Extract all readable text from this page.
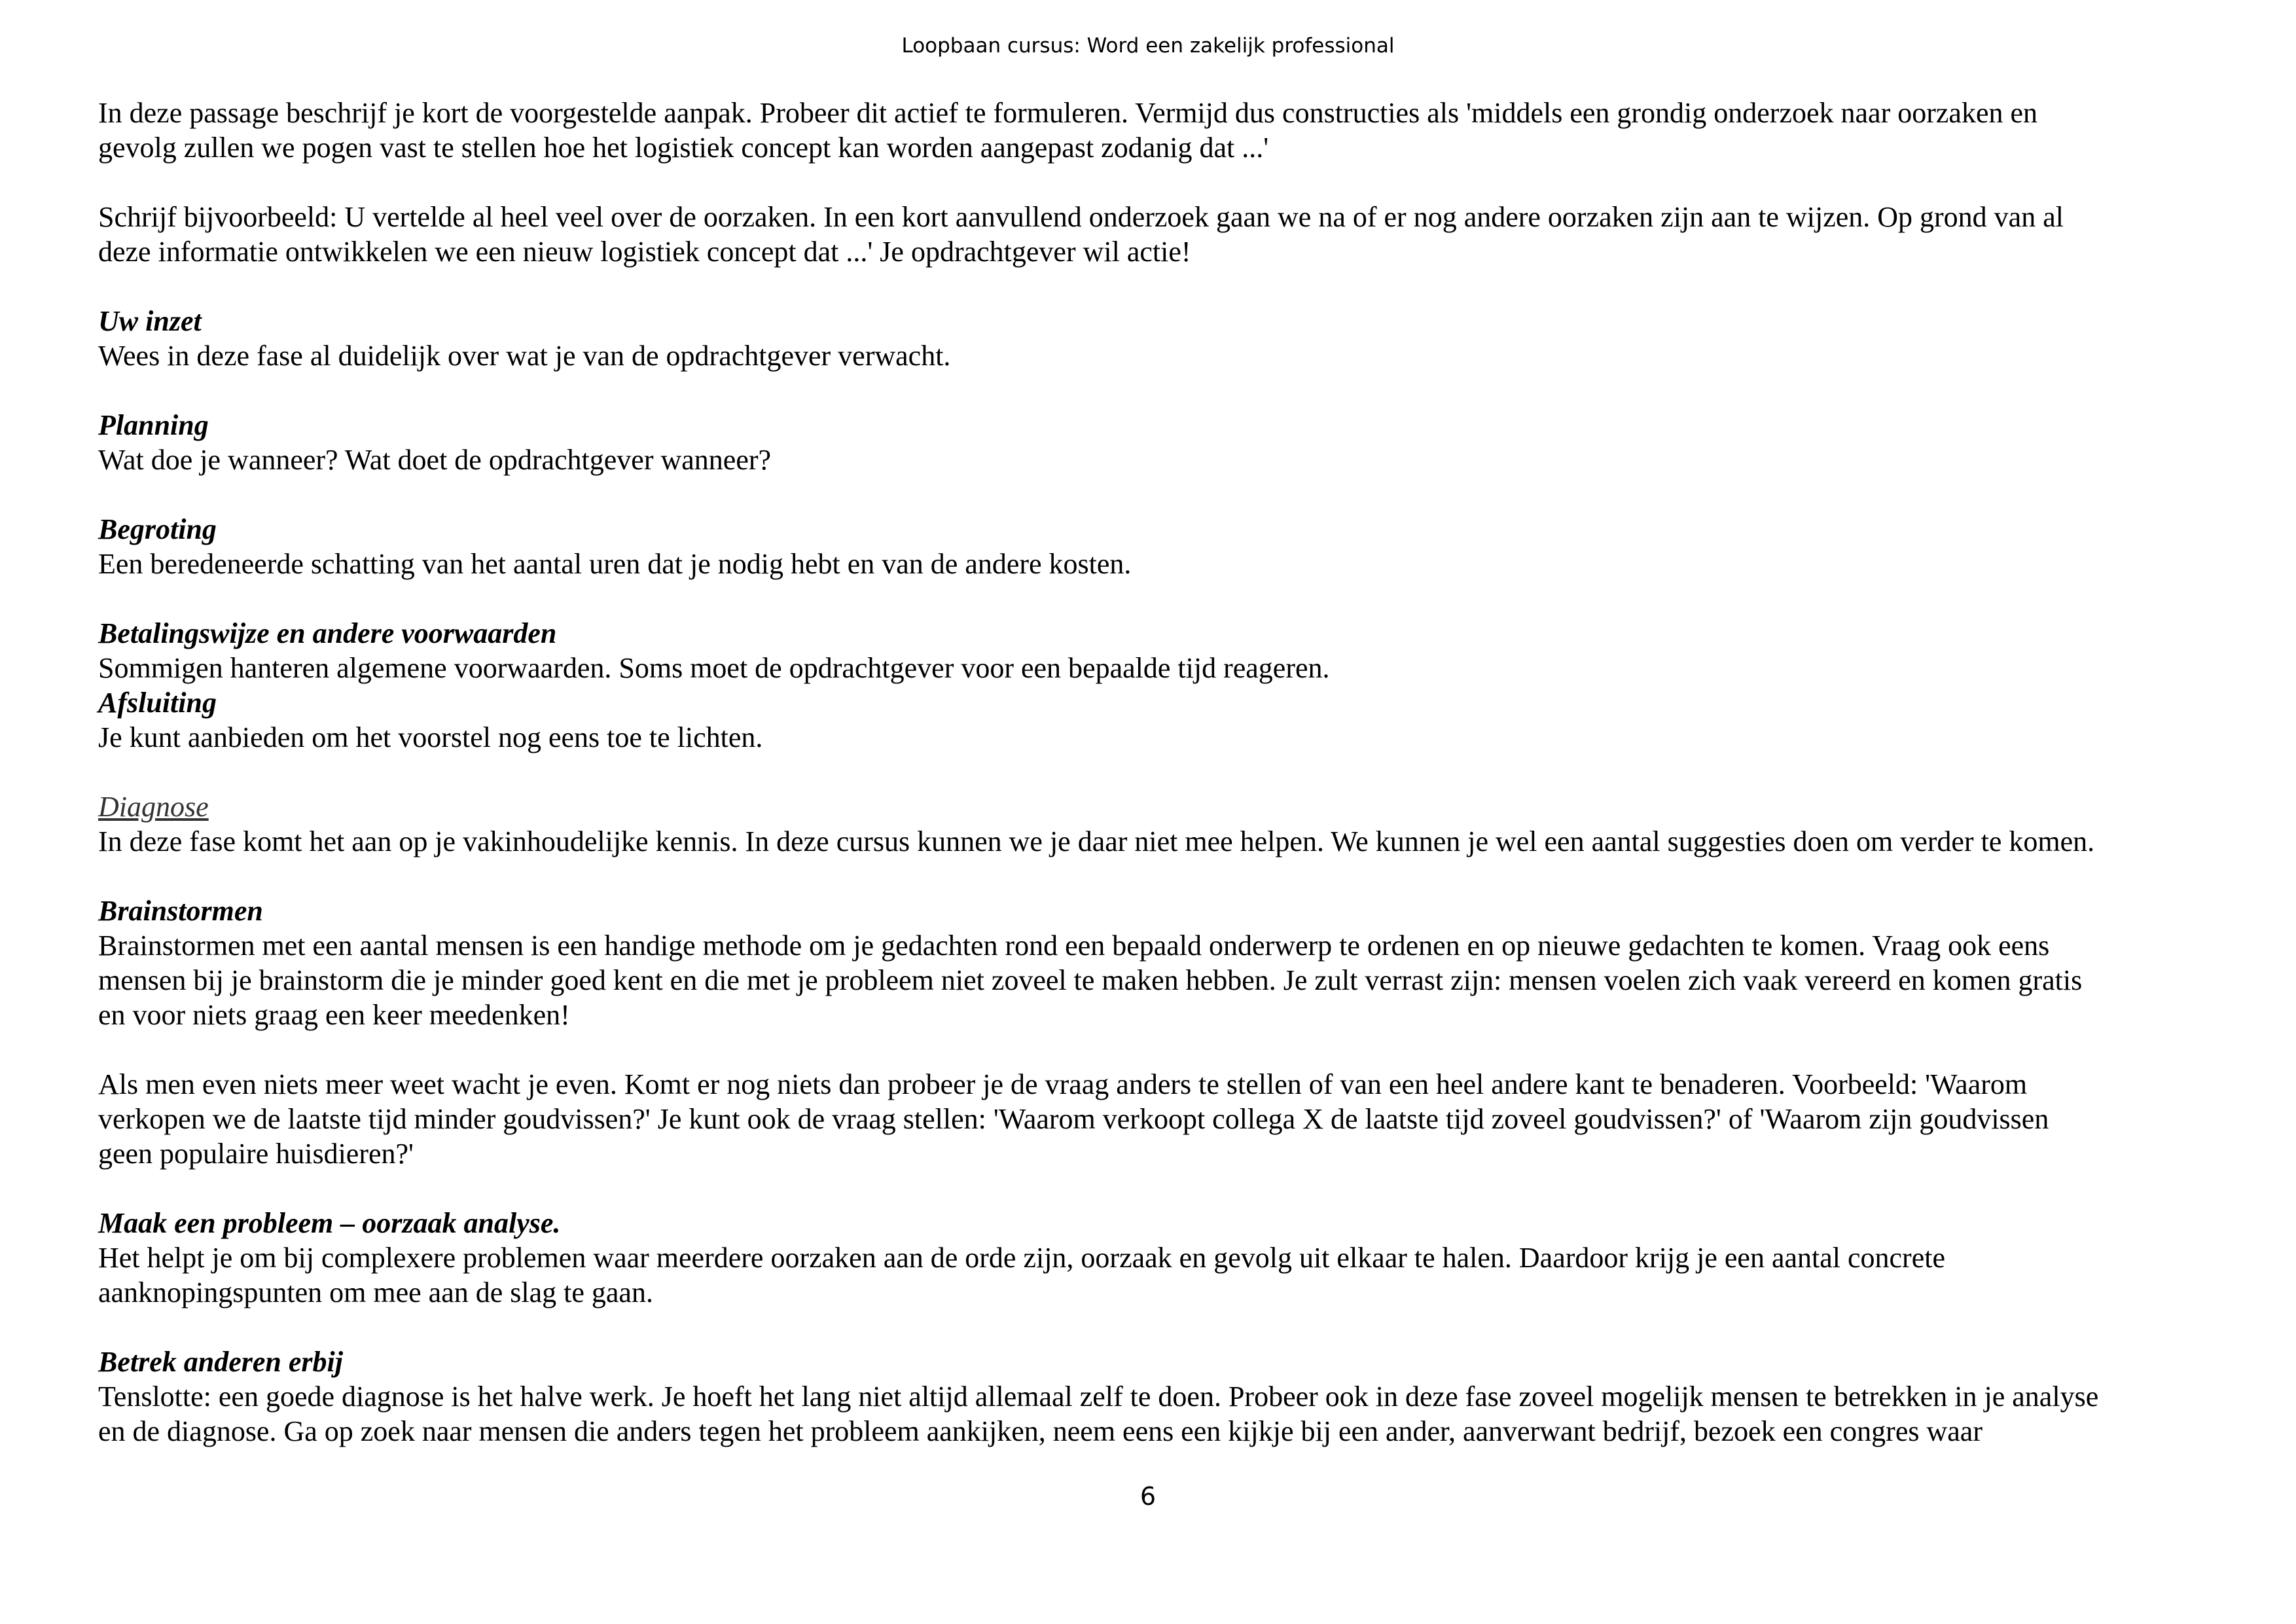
Loopbaan cursus: Word een zakelijk professional

In deze passage beschrijf je kort de voorgestelde aanpak. Probeer dit actief te formuleren. Vermijd dus constructies als 'middels een grondig onderzoek naar oorzaken en

gevolg zullen we pogen vast te stellen hoe het logistiek concept kan worden aangepast zodanig dat ...'

Schrijf bijvoorbeeld: U vertelde al heel veel over de oorzaken. In een kort aanvullend onderzoek gaan we na of er nog andere oorzaken zijn aan te wijzen. Op grond van al

deze informatie ontwikkelen we een nieuw logistiek concept dat ...' Je opdrachtgever wil actie!

Uw inzet

Wees in deze fase al duidelijk over wat je van de opdrachtgever verwacht.

Planning

Wat doe je wanneer? Wat doet de opdrachtgever wanneer?

Begroting

Een beredeneerde schatting van het aantal uren dat je nodig hebt en van de andere kosten.

Betalingswijze en andere voorwaarden

Sommigen hanteren algemene voorwaarden. Soms moet de opdrachtgever voor een bepaalde tijd reageren.

Afsluiting

Je kunt aanbieden om het voorstel nog eens toe te lichten.

Diagnose

In deze fase komt het aan op je vakinhoudelijke kennis. In deze cursus kunnen we je daar niet mee helpen. We kunnen je wel een aantal suggesties doen om verder te komen.

Brainstormen

Brainstormen met een aantal mensen is een handige methode om je gedachten rond een bepaald onderwerp te ordenen en op nieuwe gedachten te komen. Vraag ook eens

mensen bij je brainstorm die je minder goed kent en die met je probleem niet zoveel te maken hebben. Je zult verrast zijn: mensen voelen zich vaak vereerd en komen gratis

en voor niets graag een keer meedenken!

Als men even niets meer weet wacht je even. Komt er nog niets dan probeer je de vraag anders te stellen of van een heel andere kant te benaderen. Voorbeeld: 'Waarom

verkopen we de laatste tijd minder goudvissen?' Je kunt ook de vraag stellen: 'Waarom verkoopt collega X de laatste tijd zoveel goudvissen?' of 'Waarom zijn goudvissen

geen populaire huisdieren?'

Maak een probleem – oorzaak analyse.

Het helpt je om bij complexere problemen waar meerdere oorzaken aan de orde zijn, oorzaak en gevolg uit elkaar te halen. Daardoor krijg je een aantal concrete

aanknopingspunten om mee aan de slag te gaan.

Betrek anderen erbij

Tenslotte: een goede diagnose is het halve werk. Je hoeft het lang niet altijd allemaal zelf te doen. Probeer ook in deze fase zoveel mogelijk mensen te betrekken in je analyse

en de diagnose. Ga op zoek naar mensen die anders tegen het probleem aankijken, neem eens een kijkje bij een ander, aanverwant bedrijf, bezoek een congres waar

6
